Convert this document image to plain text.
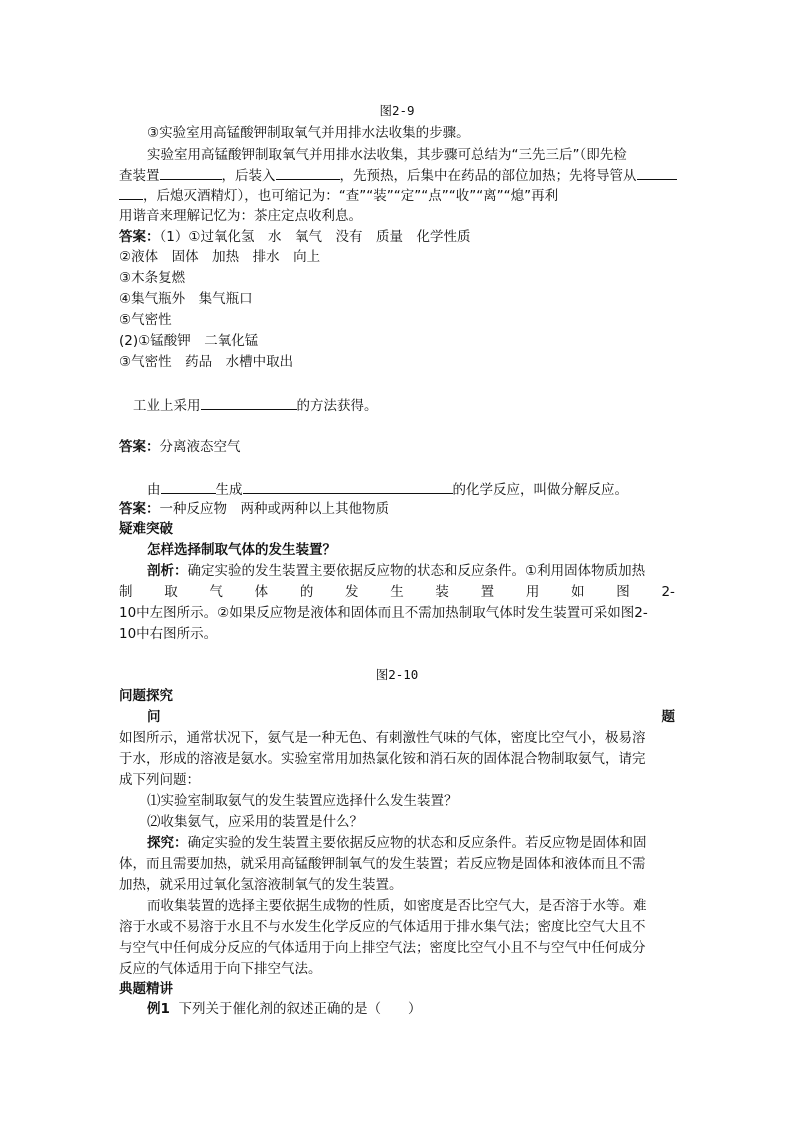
图2-9
③实验室用高锰酸钾制取氧气并用排水法收集的步骤。
实验室用高锰酸钾制取氧气并用排水法收集，其步骤可总结为“三先三后”（即先检
查装置	，后装入	，先预热，后集中在药品的部位加热；先将导管从
，后熄灭酒精灯），也可缩记为：“查”“装”“定”“点”“收”“离”“熄”再利
用谐音来理解记忆为：茶庄定点收利息。
答案：（1）①过氧化氢　水　氧气　没有　质量　化学性质
②液体　固体　加热　排水　向上
③木条复燃
④集气瓶外　集气瓶口
⑤气密性
(2)①锰酸钾　二氧化锰
③气密性　药品　水槽中取出
工业上采用	的方法获得。
答案：分离液态空气
由	生成	的化学反应，叫做分解反应。
答案：一种反应物　两种或两种以上其他物质
疑难突破
怎样选择制取气体的发生装置？
剖析：确定实验的发生装置主要依据反应物的状态和反应条件。①利用固体物质加热
制 取 气 体 的 发 生 装 置 用 如 图 2-
10中左图所示。②如果反应物是液体和固体而且不需加热制取气体时发生装置可采如图2-
10中右图所示。
图2-10
问题探究
问	题
如图所示，通常状况下，氨气是一种无色、有刺激性气味的气体，密度比空气小，极易溶
于水，形成的溶液是氨水。实验室常用加热氯化铵和消石灰的固体混合物制取氨气，请完
成下列问题：
⑴实验室制取氨气的发生装置应选择什么发生装置？
⑵收集氨气，应采用的装置是什么？
探究：确定实验的发生装置主要依据反应物的状态和反应条件。若反应物是固体和固
体，而且需要加热，就采用高锰酸钾制氧气的发生装置；若反应物是固体和液体而且不需
加热，就采用过氧化氢溶液制氧气的发生装置。
而收集装置的选择主要依据生成物的性质，如密度是否比空气大，是否溶于水等。难
溶于水或不易溶于水且不与水发生化学反应的气体适用于排水集气法；密度比空气大且不
与空气中任何成分反应的气体适用于向上排空气法；密度比空气小且不与空气中任何成分
反应的气体适用于向下排空气法。
典题精讲
例1 下列关于催化剂的叙述正确的是（　　）
